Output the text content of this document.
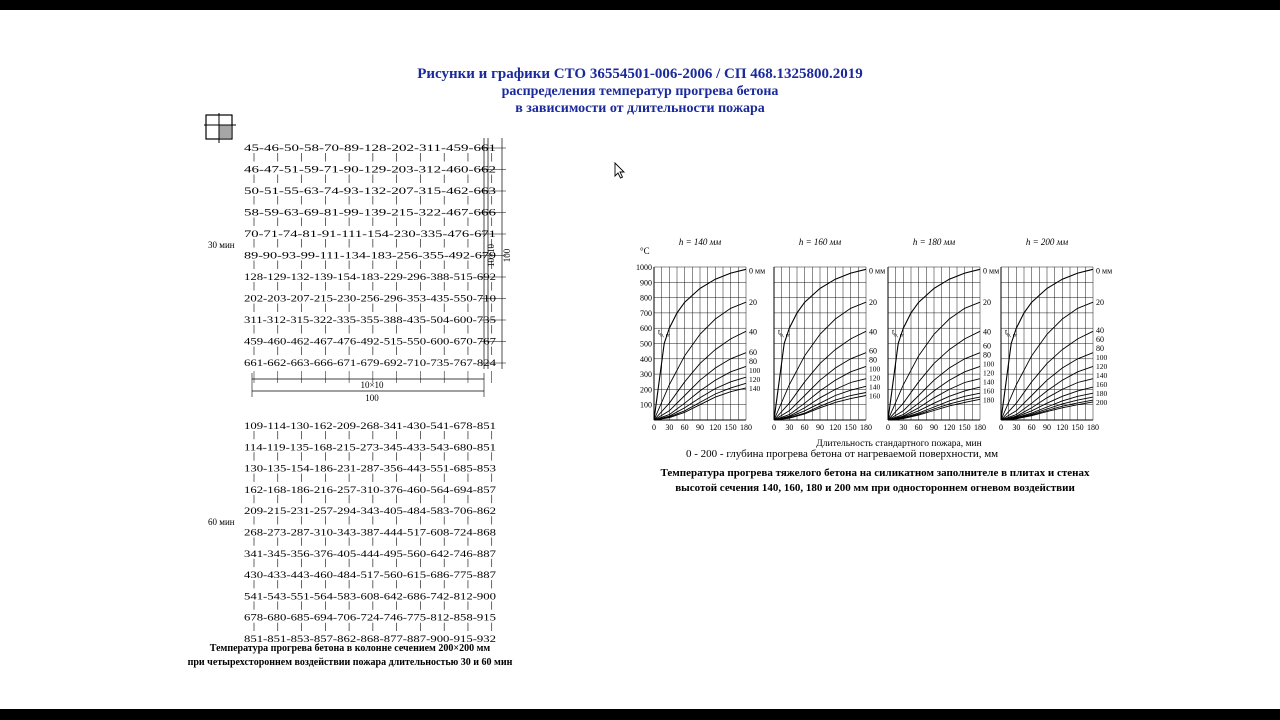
Рисунки и графики СТО 36554501-006-2006 / СП 468.1325800.2019
распределения температур прогрева бетона
в зависимости от длительности пожара
45-46-50-58-70-89-128-202-311-459-661
46-47-51-59-71-90-129-203-312-460-662
50-51-55-63-74-93-132-207-315-462-663
58-59-63-69-81-99-139-215-322-467-666
70-71-74-81-91-111-154-230-335-476-671
89-90-93-99-111-134-183-256-355-492-679
128-129-132-139-154-183-229-296-388-515-692
202-203-207-215-230-256-296-353-435-550-710
311-312-315-322-335-355-388-435-504-600-735
459-460-462-467-476-492-515-550-600-670-767
661-662-663-666-671-679-692-710-735-767-824
10×10 100
10×10
100
30 мин
109-114-130-162-209-268-341-430-541-678-851
114-119-135-168-215-273-345-433-543-680-851
130-135-154-186-231-287-356-443-551-685-853
162-168-186-216-257-310-376-460-564-694-857
209-215-231-257-294-343-405-484-583-706-862
268-273-287-310-343-387-444-517-608-724-868
341-345-356-376-405-444-495-560-642-746-887
430-433-443-460-484-517-560-615-686-775-887
541-543-551-564-583-608-642-686-742-812-900
678-680-685-694-706-724-746-775-812-858-915
851-851-853-857-862-868-877-887-900-915-932
60 мин
Температура прогрева бетона в колонне сечением 200×200 мм
при четырехстороннем воздействии пожара длительностью 30 и 60 мин
°C
100
200
300
400
500
600
700
800
900
1000
h = 140 мм
0 30 60 90 120 150 180
$t_{b, cr}$
0 мм
20
40
60
80
100
120
140
h = 160 мм
0 30 60 90 120 150 180
$t_{b, cr}$
0 мм
20
40
60
80
100
120
140
160
h = 180 мм
0 30 60 90 120 150 180
$t_{b, cr}$
0 мм
20
40
60
80
100
120
140
160
180
h = 200 мм
0 30 60 90 120 150 180
$t_{b, cr}$
0 мм
20
40
60
80
100
120
140
160
180
200
Длительность стандартного пожара, мин
0 - 200 - глубина прогрева бетона от нагреваемой поверхности, мм
Температура прогрева тяжелого бетона на силикатном заполнителе в плитах и стенах
высотой сечения 140, 160, 180 и 200 мм при одностороннем огневом воздействии
